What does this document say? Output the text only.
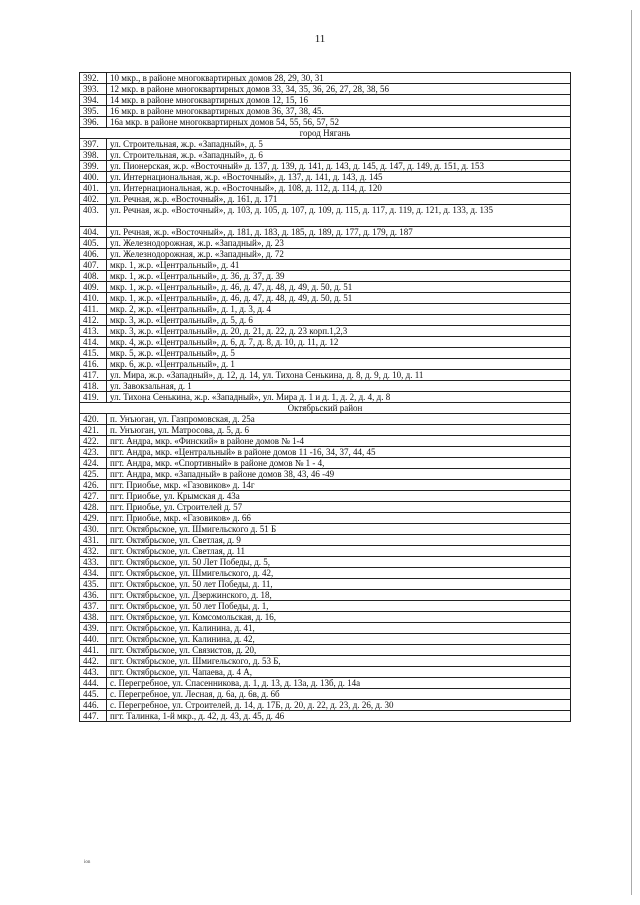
11
392.	10 мкр., в районе многоквартирных домов 28, 29, 30, 31
393.	12 мкр. в районе многоквартирных домов 33, 34, 35, 36, 26, 27, 28, 38, 56
394.	14 мкр. в районе многоквартирных домов 12, 15, 16
395.	16 мкр. в районе многоквартирных домов 36, 37, 38, 45.
396.	16а мкр. в районе многоквартирных домов 54, 55, 56, 57, 52
город Нягань	
397.	ул. Строительная, ж.р. «Западный», д. 5
398.	ул. Строительная, ж.р. «Западный», д. 6
399.	ул. Пионерская, ж.р. «Восточный» д. 137, д. 139, д. 141, д. 143, д. 145, д. 147, д. 149, д. 151, д. 153
400.	ул. Интернациональная, ж.р. «Восточный», д. 137, д. 141, д. 143, д. 145
401.	ул. Интернациональная, ж.р. «Восточный», д. 108, д. 112, д. 114, д. 120
402.	ул. Речная, ж.р. «Восточный», д. 161, д. 171
403.	ул. Речная, ж.р. «Восточный», д. 103, д. 105, д. 107, д. 109, д. 115, д. 117, д. 119, д. 121, д. 133, д. 135
404.	ул. Речная, ж.р. «Восточный», д. 181, д. 183, д. 185, д. 189, д. 177, д. 179, д. 187
405.	ул. Железнодорожная, ж.р. «Западный», д. 23
406.	ул. Железнодорожная, ж.р. «Западный», д. 72
407.	мкр. 1, ж.р. «Центральный», д. 41
408.	мкр. 1, ж.р. «Центральный», д. 36, д. 37, д. 39
409.	мкр. 1, ж.р. «Центральный», д. 46, д. 47, д. 48, д. 49, д. 50, д. 51
410.	мкр. 1, ж.р. «Центральный», д. 46, д. 47, д. 48, д. 49, д. 50, д. 51
411.	мкр. 2, ж.р. «Центральный», д. 1, д. 3, д. 4
412.	мкр. 3, ж.р. «Центральный», д. 5, д. 6
413.	мкр. 3, ж.р. «Центральный», д. 20, д. 21, д. 22, д. 23 корп.1,2,3
414.	мкр. 4, ж.р. «Центральный», д. 6, д. 7, д. 8, д. 10, д. 11, д. 12
415.	мкр. 5, ж.р. «Центральный», д. 5
416.	мкр. 6, ж.р. «Центральный», д. 1
417.	ул. Мира, ж.р. «Западный», д. 12, д. 14, ул. Тихона Сенькина, д. 8, д. 9, д. 10, д. 11
418.	ул. Завокзальная, д. 1
419.	ул. Тихона Сенькина, ж.р. «Западный», ул. Мира д. 1 и д. 1, д. 2, д. 4, д. 8
Октябрьский район	
420.	п. Унъюган, ул. Газпромовская, д. 25а
421.	п. Унъюган, ул. Матросова, д. 5, д. 6
422.	пгт. Андра, мкр. «Финский» в районе домов № 1-4
423.	пгт. Андра, мкр. «Центральный» в районе домов 11 -16, 34, 37, 44, 45
424.	пгт. Андра, мкр. «Спортивный» в районе домов № 1 - 4,
425.	пгт. Андра, мкр. «Западный» в районе домов 38, 43, 46 -49
426.	пгт. Приобье, мкр. «Газовиков» д. 14г
427.	пгт. Приобье, ул. Крымская д. 43а
428.	пгт. Приобье, ул. Строителей д. 57
429.	пгт. Приобье, мкр. «Газовиков» д. 66
430.	пгт. Октябрьское, ул. Шмигельского д. 51 Б
431.	пгт. Октябрьское, ул. Светлая, д. 9
432.	пгт. Октябрьское, ул. Светлая, д. 11
433.	пгт. Октябрьское, ул. 50 Лет Победы, д. 5,
434.	пгт. Октябрьское, ул. Шмигельского, д. 42,
435.	пгт. Октябрьское, ул. 50 лет Победы, д. 11,
436.	пгт. Октябрьское, ул. Дзержинского, д. 18,
437.	пгт. Октябрьское, ул. 50 лет Победы, д. 1,
438.	пгт. Октябрьское, ул. Комсомольская, д. 16,
439.	пгт. Октябрьское, ул. Калинина, д. 41,
440.	пгт. Октябрьское, ул. Калинина, д. 42,
441.	пгт. Октябрьское, ул. Связистов, д. 20,
442.	пгт. Октябрьское, ул. Шмигельского, д. 53 Б,
443.	пгт. Октябрьское, ул. Чапаева, д. 4 А,
444.	с. Перегребное, ул. Спасенникова, д. 1, д. 13, д. 13а, д. 13б, д. 14а
445.	с. Перегребное, ул. Лесная, д. 6а, д. 6в, д. 6б
446.	с. Перегребное, ул. Строителей, д. 14, д. 17Б, д. 20, д. 22, д. 23, д. 26, д. 30
447.	пгт. Талинка, 1-й мкр., д. 42, д. 43, д. 45, д. 46
ion
